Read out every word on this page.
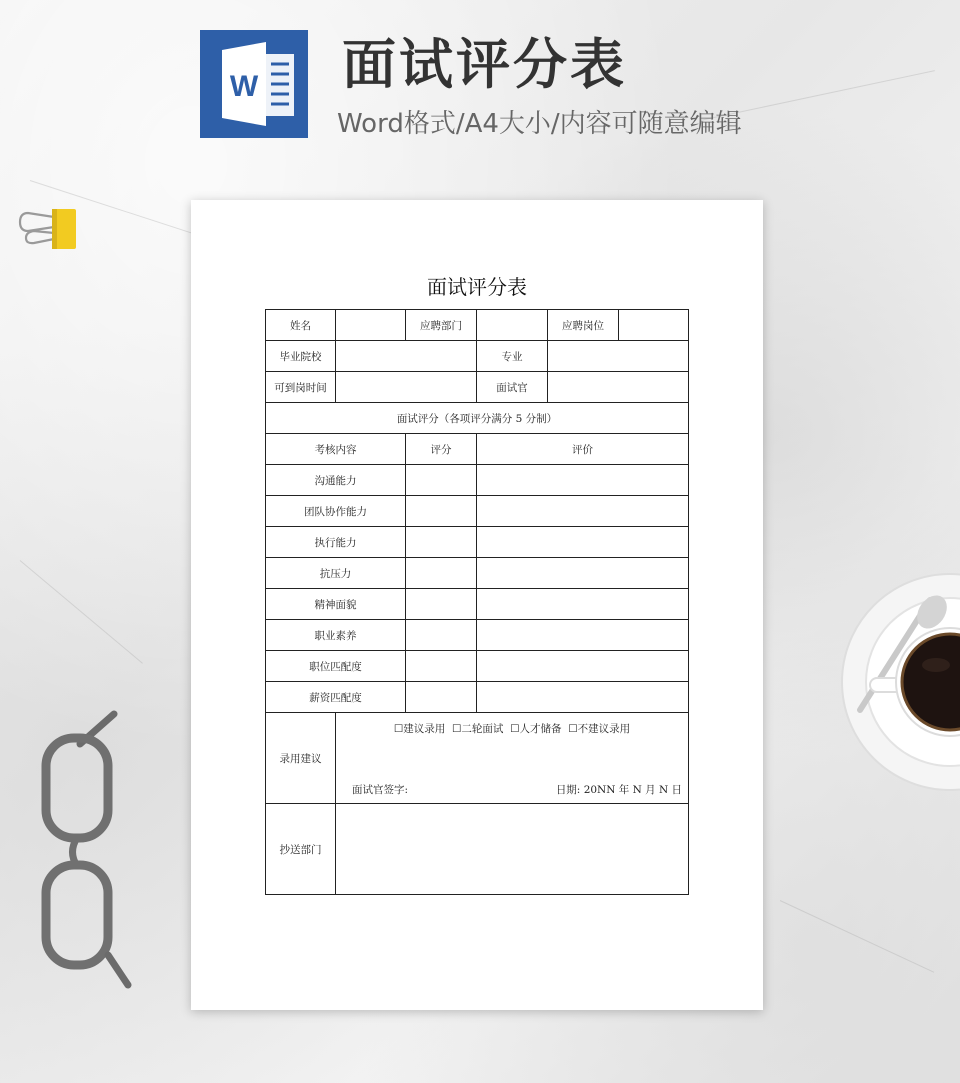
W 面试评分表
Word格式/A4大小/内容可随意编辑
面试评分表
姓名		应聘部门		应聘岗位	
毕业院校			专业		
可到岗时间			面试官		
面试评分（各项评分满分 5 分制）					
考核内容		评分	评价		
沟通能力					
团队协作能力					
执行能力					
抗压力					
精神面貌					
职业素养					
职位匹配度					
薪资匹配度					
录用建议	☐建议录用 ☐二轮面试 ☐人才储备 ☐不建议录用
面试官签字: 日期: 20NN 年 N 月 N 日				

抄送部门					
